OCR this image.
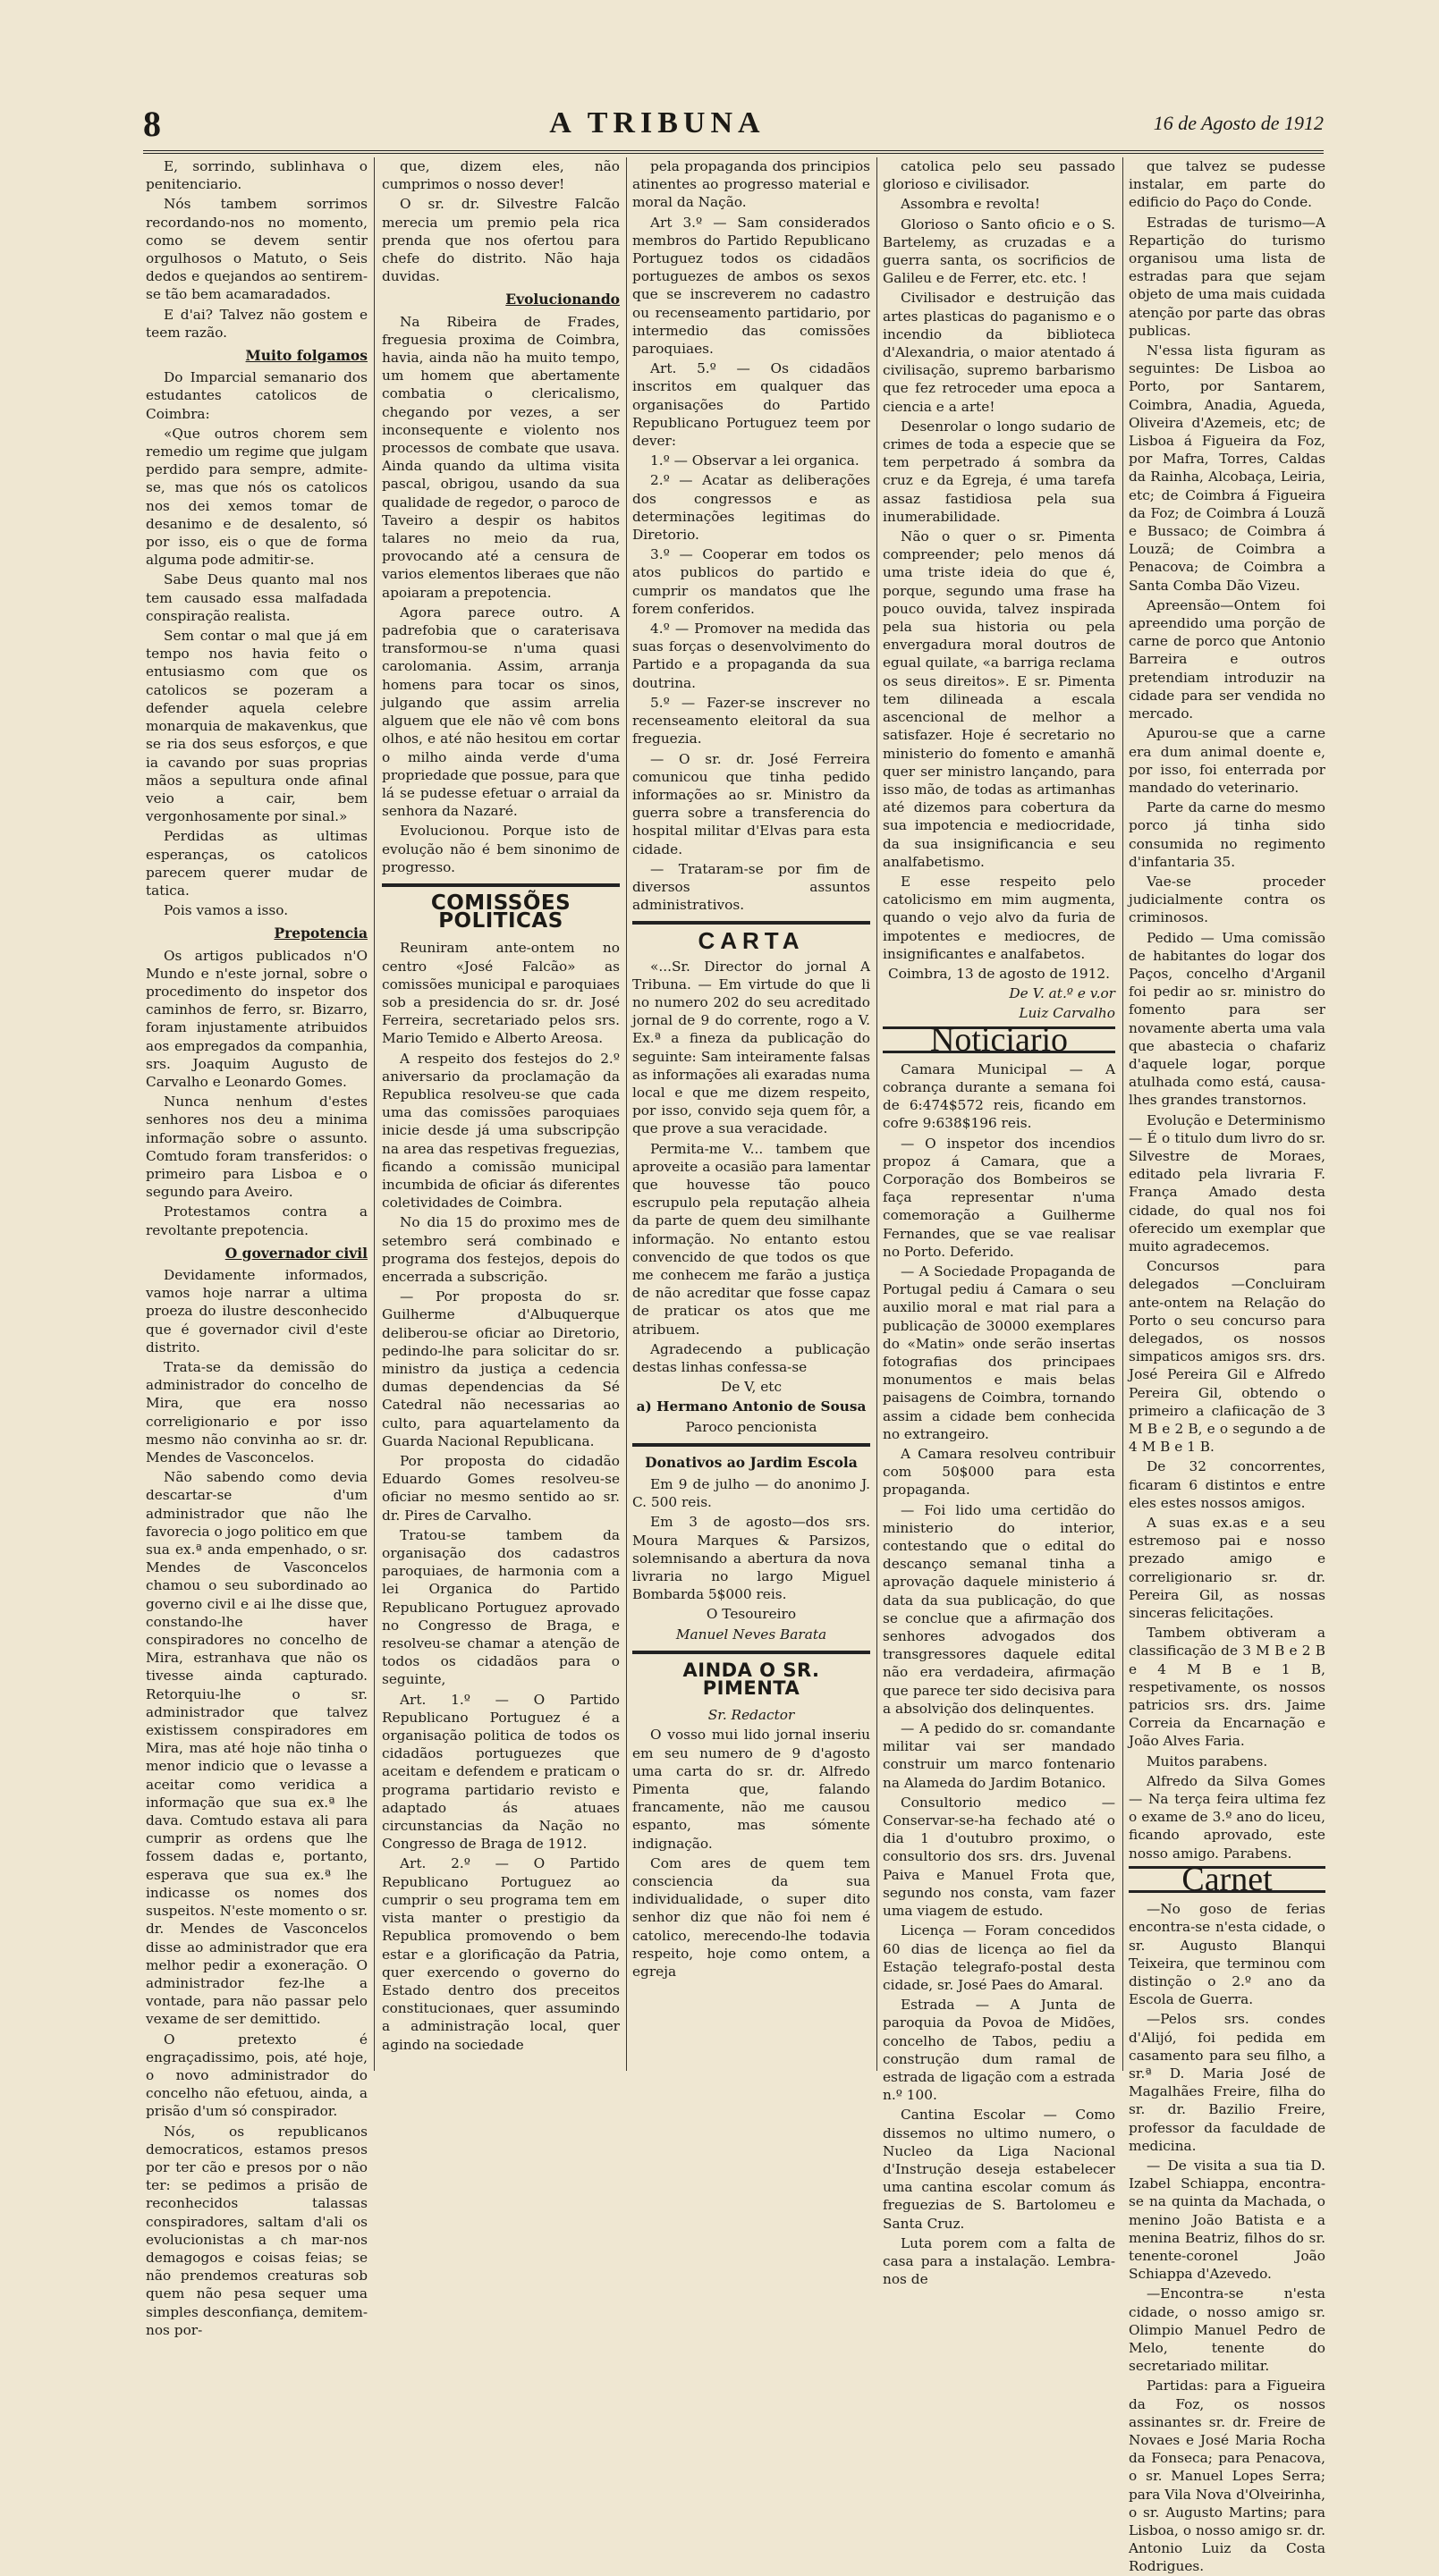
8	A TRIBUNA	16 de Agosto de 1912

E, sorrindo, sublinhava o penitenciario.

Nós tambem sorrimos recordando-nos no momento, como se devem sentir orgulhosos o Matuto, o Seis dedos e quejandos ao sentirem-se tão bem acamaradados.

E d'ai? Talvez não gostem e teem razão.

Muito folgamos

Do Imparcial semanario dos estudantes catolicos de Coimbra:

«Que outros chorem sem remedio um regime que julgam perdido para sempre, admite-se, mas que nós os catolicos nos dei xemos tomar de desanimo e de desalento, só por isso, eis o que de forma alguma pode admitir-se.

Sabe Deus quanto mal nos tem causado essa malfadada conspiração realista.

Sem contar o mal que já em tempo nos havia feito o entusiasmo com que os catolicos se pozeram a defender aquela celebre monarquia de makavenkus, que se ria dos seus esforços, e que ia cavando por suas proprias mãos a sepultura onde afinal veio a cair, bem vergonhosamente por sinal.»

Perdidas as ultimas esperanças, os catolicos parecem querer mudar de tatica.

Pois vamos a isso.

Prepotencia

Os artigos publicados n'O Mundo e n'este jornal, sobre o procedimento do inspetor dos caminhos de ferro, sr. Bizarro, foram injustamente atribuidos aos empregados da companhia, srs. Joaquim Augusto de Carvalho e Leonardo Gomes.

Nunca nenhum d'estes senhores nos deu a minima informação sobre o assunto. Comtudo foram transferidos: o primeiro para Lisboa e o segundo para Aveiro.

Protestamos contra a revoltante prepotencia.

O governador civil

Devidamente informados, vamos hoje narrar a ultima proeza do ilustre desconhecido que é governador civil d'este distrito.

Trata-se da demissão do administrador do concelho de Mira, que era nosso correligionario e por isso mesmo não convinha ao sr. dr. Mendes de Vasconcelos.

Não sabendo como devia descartar-se d'um administrador que não lhe favorecia o jogo politico em que sua ex.ª anda empenhado, o sr. Mendes de Vasconcelos chamou o seu subordinado ao governo civil e ai lhe disse que, constando-lhe haver conspiradores no concelho de Mira, estranhava que não os tivesse ainda capturado. Retorquiu-lhe o sr. administrador que talvez existissem conspiradores em Mira, mas até hoje não tinha o menor indicio que o levasse a aceitar como veridica a informação que sua ex.ª lhe dava. Comtudo estava ali para cumprir as ordens que lhe fossem dadas e, portanto, esperava que sua ex.ª lhe indicasse os nomes dos suspeitos. N'este momento o sr. dr. Mendes de Vasconcelos disse ao administrador que era melhor pedir a exoneração. O administrador fez-lhe a vontade, para não passar pelo vexame de ser demittido.

O pretexto é engraçadissimo, pois, até hoje, o novo administrador do concelho não efetuou, ainda, a prisão d'um só conspirador.

Nós, os republicanos democraticos, estamos presos por ter cão e presos por o não ter: se pedimos a prisão de reconhecidos talassas conspiradores, saltam d'ali os evolucionistas a ch mar-nos demagogos e coisas feias; se não prendemos creaturas sob quem não pesa sequer uma simples desconfiança, demitem-nos por-

que, dizem eles, não cumprimos o nosso dever!

O sr. dr. Silvestre Falcão merecia um premio pela rica prenda que nos ofertou para chefe do distrito. Não haja duvidas.

Evolucionando

Na Ribeira de Frades, freguesia proxima de Coimbra, havia, ainda não ha muito tempo, um homem que abertamente combatia o clericalismo, chegando por vezes, a ser inconsequente e violento nos processos de combate que usava. Ainda quando da ultima visita pascal, obrigou, usando da sua qualidade de regedor, o paroco de Taveiro a despir os habitos talares no meio da rua, provocando até a censura de varios elementos liberaes que não apoiaram a prepotencia.

Agora parece outro. A padrefobia que o caraterisava transformou-se n'uma quasi carolomania. Assim, arranja homens para tocar os sinos, julgando que assim arrelia alguem que ele não vê com bons olhos, e até não hesitou em cortar o milho ainda verde d'uma propriedade que possue, para que lá se pudesse efetuar o arraial da senhora da Nazaré.

Evolucionou. Porque isto de evolução não é bem sinonimo de progresso.

COMISSÕES POLITICAS

Reuniram ante-ontem no centro «José Falcão» as comissões municipal e paroquiaes sob a presidencia do sr. dr. José Ferreira, secretariado pelos srs. Mario Temido e Alberto Areosa.

A respeito dos festejos do 2.º aniversario da proclamação da Republica resolveu-se que cada uma das comissões paroquiaes inicie desde já uma subscripção na area das respetivas freguezias, ficando a comissão municipal incumbida de oficiar ás diferentes coletividades de Coimbra.

No dia 15 do proximo mes de setembro será combinado e programa dos festejos, depois do encerrada a subscrição.

— Por proposta do sr. Guilherme d'Albuquerque deliberou-se oficiar ao Diretorio, pedindo-lhe para solicitar do sr. ministro da justiça a cedencia dumas dependencias da Sé Catedral não necessarias ao culto, para aquartelamento da Guarda Nacional Republicana.

Por proposta do cidadão Eduardo Gomes resolveu-se oficiar no mesmo sentido ao sr. dr. Pires de Carvalho.

Tratou-se tambem da organisação dos cadastros paroquiaes, de harmonia com a lei Organica do Partido Republicano Portuguez aprovado no Congresso de Braga, e resolveu-se chamar a atenção de todos os cidadãos para o seguinte,

Art. 1.º — O Partido Republicano Portuguez é a organisação politica de todos os cidadãos portuguezes que aceitam e defendem e praticam o programa partidario revisto e adaptado ás atuaes circunstancias da Nação no Congresso de Braga de 1912.

Art. 2.º — O Partido Republicano Portuguez ao cumprir o seu programa tem em vista manter o prestigio da Republica promovendo o bem estar e a glorificação da Patria, quer exercendo o governo do Estado dentro dos preceitos constitucionaes, quer assumindo a administração local, quer agindo na sociedade

pela propaganda dos principios atinentes ao progresso material e moral da Nação.

Art 3.º — Sam considerados membros do Partido Republicano Portuguez todos os cidadãos portuguezes de ambos os sexos que se inscreverem no cadastro ou recenseamento partidario, por intermedio das comissões paroquiaes.

Art. 5.º — Os cidadãos inscritos em qualquer das organisações do Partido Republicano Portuguez teem por dever:

1.º — Observar a lei organica.

2.º — Acatar as deliberações dos congressos e as determinações legitimas do Diretorio.

3.º — Cooperar em todos os atos publicos do partido e cumprir os mandatos que lhe forem conferidos.

4.º — Promover na medida das suas forças o desenvolvimento do Partido e a propaganda da sua doutrina.

5.º — Fazer-se inscrever no recenseamento eleitoral da sua freguezia.

— O sr. dr. José Ferreira comunicou que tinha pedido informações ao sr. Ministro da guerra sobre a transferencia do hospital militar d'Elvas para esta cidade.

— Trataram-se por fim de diversos assuntos administrativos.

CARTA

«...Sr. Director do jornal A Tribuna. — Em virtude do que li no numero 202 do seu acreditado jornal de 9 do corrente, rogo a V. Ex.ª a fineza da publicação do seguinte: Sam inteiramente falsas as informações ali exaradas numa local e que me dizem respeito, por isso, convido seja quem fôr, a que prove a sua veracidade.

Permita-me V... tambem que aproveite a ocasião para lamentar que houvesse tão pouco escrupulo pela reputação alheia da parte de quem deu similhante informação. No entanto estou convencido de que todos os que me conhecem me farão a justiça de não acreditar que fosse capaz de praticar os atos que me atribuem.

Agradecendo a publicação destas linhas confessa-se

De V, etc

a) Hermano Antonio de Sousa

Paroco pencionista

Donativos ao Jardim Escola

Em 9 de julho — do anonimo J. C. 500 reis.

Em 3 de agosto—dos srs. Moura Marques & Parsizos, solemnisando a abertura da nova livraria no largo Miguel Bombarda 5$000 reis.

O Tesoureiro

Manuel Neves Barata

AINDA O SR. PIMENTA

Sr. Redactor

O vosso mui lido jornal inseriu em seu numero de 9 d'agosto uma carta do sr. dr. Alfredo Pimenta que, falando francamente, não me causou espanto, mas sómente indignação.

Com ares de quem tem consciencia da sua individualidade, o super dito senhor diz que não foi nem é catolico, merecendo-lhe todavia respeito, hoje como ontem, a egreja

catolica pelo seu passado glorioso e civilisador.

Assombra e revolta!

Glorioso o Santo oficio e o S. Bartelemy, as cruzadas e a guerra santa, os socrificios de Galileu e de Ferrer, etc. etc. !

Civilisador e destruição das artes plasticas do paganismo e o incendio da biblioteca d'Alexandria, o maior atentado á civilisação, supremo barbarismo que fez retroceder uma epoca a ciencia e a arte!

Desenrolar o longo sudario de crimes de toda a especie que se tem perpetrado á sombra da cruz e da Egreja, é uma tarefa assaz fastidiosa pela sua inumerabilidade.

Não o quer o sr. Pimenta compreender; pelo menos dá uma triste ideia do que é, porque, segundo uma frase ha pouco ouvida, talvez inspirada pela sua historia ou pela envergadura moral doutros de egual quilate, «a barriga reclama os seus direitos». E sr. Pimenta tem dilineada a escala ascencional de melhor a satisfazer. Hoje é secretario no ministerio do fomento e amanhã quer ser ministro lançando, para isso mão, de todas as artimanhas até dizemos para cobertura da sua impotencia e mediocridade, da sua insignificancia e seu analfabetismo.

E esse respeito pelo catolicismo em mim augmenta, quando o vejo alvo da furia de impotentes e mediocres, de insignificantes e analfabetos.

Coimbra, 13 de agosto de 1912.

De V. at.º e v.or

Luiz Carvalho

Noticiario

Camara Municipal — A cobrança durante a semana foi de 6:474$572 reis, ficando em cofre 9:638$196 reis.

— O inspetor dos incendios propoz á Camara, que a Corporação dos Bombeiros se faça representar n'uma comemoração a Guilherme Fernandes, que se vae realisar no Porto. Deferido.

— A Sociedade Propaganda de Portugal pediu á Camara o seu auxilio moral e mat rial para a publicação de 30000 exemplares do «Matin» onde serão insertas fotografias dos principaes monumentos e mais belas paisagens de Coimbra, tornando assim a cidade bem conhecida no extrangeiro.

A Camara resolveu contribuir com 50$000 para esta propaganda.

— Foi lido uma certidão do ministerio do interior, contestando que o edital do descanço semanal tinha a aprovação daquele ministerio á data da sua publicação, do que se conclue que a afirmação dos senhores advogados dos transgressores daquele edital não era verdadeira, afirmação que parece ter sido decisiva para a absolvição dos delinquentes.

— A pedido do sr. comandante militar vai ser mandado construir um marco fontenario na Alameda do Jardim Botanico.

Consultorio medico — Conservar-se-ha fechado até o dia 1 d'outubro proximo, o consultorio dos srs. drs. Juvenal Paiva e Manuel Frota que, segundo nos consta, vam fazer uma viagem de estudo.

Licença — Foram concedidos 60 dias de licença ao fiel da Estação telegrafo-postal desta cidade, sr. José Paes do Amaral.

Estrada — A Junta de paroquia da Povoa de Midões, concelho de Tabos, pediu a construção dum ramal de estrada de ligação com a estrada n.º 100.

Cantina Escolar — Como dissemos no ultimo numero, o Nucleo da Liga Nacional d'Instrução deseja estabelecer uma cantina escolar comum ás freguezias de S. Bartolomeu e Santa Cruz.

Luta porem com a falta de casa para a instalação. Lembra-nos de

que talvez se pudesse instalar, em parte do edificio do Paço do Conde.

Estradas de turismo—A Repartição do turismo organisou uma lista de estradas para que sejam objeto de uma mais cuidada atenção por parte das obras publicas.

N'essa lista figuram as seguintes: De Lisboa ao Porto, por Santarem, Coimbra, Anadia, Agueda, Oliveira d'Azemeis, etc; de Lisboa á Figueira da Foz, por Mafra, Torres, Caldas da Rainha, Alcobaça, Leiria, etc; de Coimbra á Figueira da Foz; de Coimbra á Louzã e Bussaco; de Coimbra á Louzã; de Coimbra a Penacova; de Coimbra a Santa Comba Dão Vizeu.

Apreensão—Ontem foi apreendido uma porção de carne de porco que Antonio Barreira e outros pretendiam introduzir na cidade para ser vendida no mercado.

Apurou-se que a carne era dum animal doente e, por isso, foi enterrada por mandado do veterinario.

Parte da carne do mesmo porco já tinha sido consumida no regimento d'infantaria 35.

Vae-se proceder judicialmente contra os criminosos.

Pedido — Uma comissão de habitantes do logar dos Paços, concelho d'Arganil foi pedir ao sr. ministro do fomento para ser novamente aberta uma vala que abastecia o chafariz d'aquele logar, porque atulhada como está, causa-lhes grandes transtornos.

Evolução e Determinismo — É o titulo dum livro do sr. Silvestre de Moraes, editado pela livraria F. França Amado desta cidade, do qual nos foi oferecido um exemplar que muito agradecemos.

Concursos para delegados —Concluiram ante-ontem na Relação do Porto o seu concurso para delegados, os nossos simpaticos amigos srs. drs. José Pereira Gil e Alfredo Pereira Gil, obtendo o primeiro a clafiicação de 3 M B e 2 B, e o segundo a de 4 M B e 1 B.

De 32 concorrentes, ficaram 6 distintos e entre eles estes nossos amigos.

A suas ex.as e a seu estremoso pai e nosso prezado amigo e correligionario sr. dr. Pereira Gil, as nossas sinceras felicitações.

Tambem obtiveram a classificação de 3 M B e 2 B e 4 M B e 1 B, respetivamente, os nossos patricios srs. drs. Jaime Correia da Encarnação e João Alves Faria.

Muitos parabens.

Alfredo da Silva Gomes — Na terça feira ultima fez o exame de 3.º ano do liceu, ficando aprovado, este nosso amigo. Parabens.

Carnet

—No goso de ferias encontra-se n'esta cidade, o sr. Augusto Blanqui Teixeira, que terminou com distinção o 2.º ano da Escola de Guerra.

—Pelos srs. condes d'Alijó, foi pedida em casamento para seu filho, a sr.ª D. Maria José de Magalhães Freire, filha do sr. dr. Bazilio Freire, professor da faculdade de medicina.

— De visita a sua tia D. Izabel Schiappa, encontra-se na quinta da Machada, o menino João Batista e a menina Beatriz, filhos do sr. tenente-coronel João Schiappa d'Azevedo.

—Encontra-se n'esta cidade, o nosso amigo sr. Olimpio Manuel Pedro de Melo, tenente do secretariado militar.

Partidas: para a Figueira da Foz, os nossos assinantes sr. dr. Freire de Novaes e José Maria Rocha da Fonseca; para Penacova, o sr. Manuel Lopes Serra; para Vila Nova d'Olveirinha, o sr. Augusto Martins; para Lisboa, o nosso amigo sr. dr. Antonio Luiz da Costa Rodrigues.
